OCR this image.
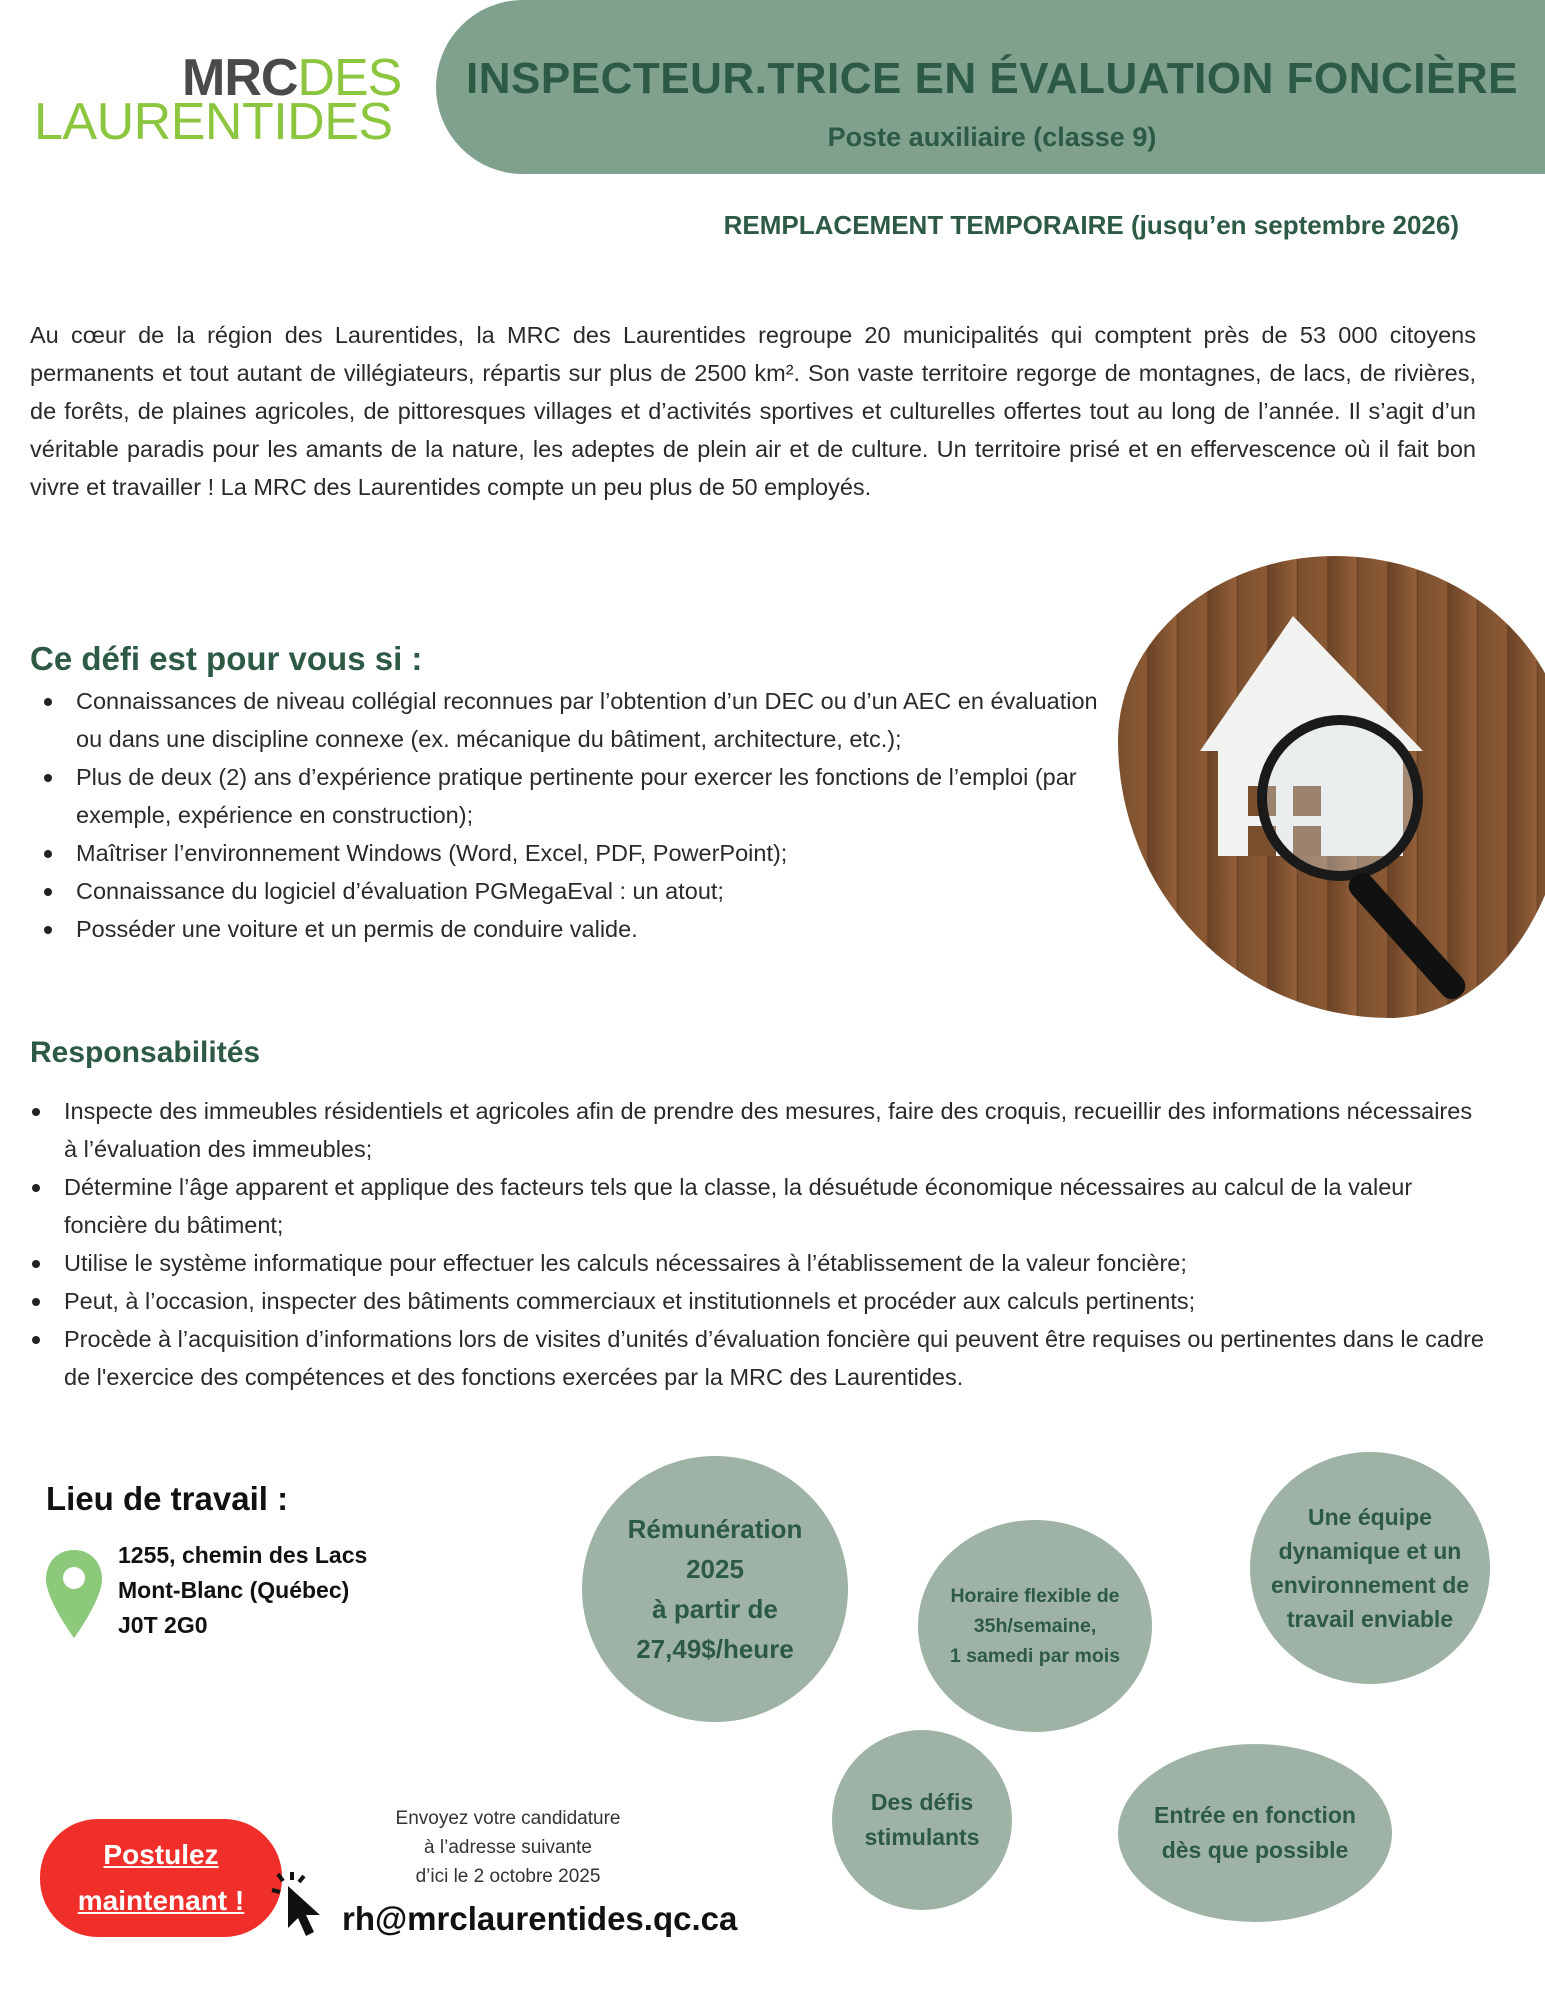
MRCDES
LAURENTIDES
INSPECTEUR.TRICE EN ÉVALUATION FONCIÈRE
Poste auxiliaire (classe 9)
REMPLACEMENT TEMPORAIRE (jusqu’en septembre 2026)
Au cœur de la région des Laurentides, la MRC des Laurentides regroupe 20 municipalités qui comptent près de 53 000 citoyens permanents et tout autant de villégiateurs, répartis sur plus de 2500 km². Son vaste territoire regorge de montagnes, de lacs, de rivières, de forêts, de plaines agricoles, de pittoresques villages et d’activités sportives et culturelles offertes tout au long de l’année. Il s’agit d’un véritable paradis pour les amants de la nature, les adeptes de plein air et de culture. Un territoire prisé et en effervescence où il fait bon vivre et travailler ! La MRC des Laurentides compte un peu plus de 50 employés.
Ce défi est pour vous si :
Connaissances de niveau collégial reconnues par l’obtention d’un DEC ou d’un AEC en évaluation ou dans une discipline connexe (ex. mécanique du bâtiment, architecture, etc.);
Plus de deux (2) ans d’expérience pratique pertinente pour exercer les fonctions de l’emploi (par exemple, expérience en construction);
Maîtriser l’environnement Windows (Word, Excel, PDF, PowerPoint);
Connaissance du logiciel d’évaluation PGMegaEval : un atout;
Posséder une voiture et un permis de conduire valide.
Responsabilités
Inspecte des immeubles résidentiels et agricoles afin de prendre des mesures, faire des croquis, recueillir des informations nécessaires à l’évaluation des immeubles;
Détermine l’âge apparent et applique des facteurs tels que la classe, la désuétude économique nécessaires au calcul de la valeur foncière du bâtiment;
Utilise le système informatique pour effectuer les calculs nécessaires à l’établissement de la valeur foncière;
Peut, à l’occasion, inspecter des bâtiments commerciaux et institutionnels et procéder aux calculs pertinents;
Procède à l’acquisition d’informations lors de visites d’unités d’évaluation foncière qui peuvent être requises ou pertinentes dans le cadre de l'exercice des compétences et des fonctions exercées par la MRC des Laurentides.
Lieu de travail :
1255, chemin des Lacs
Mont-Blanc (Québec)
J0T 2G0
Rémunération
2025
à partir de
27,49$/heure
Horaire flexible de
35h/semaine,
1 samedi par mois
Une équipe
dynamique et un
environnement de
travail enviable
Des défis
stimulants
Entrée en fonction
dès que possible
Postulez
maintenant !
Envoyez votre candidature
à l’adresse suivante
d’ici le 2 octobre 2025
rh@mrclaurentides.qc.ca
